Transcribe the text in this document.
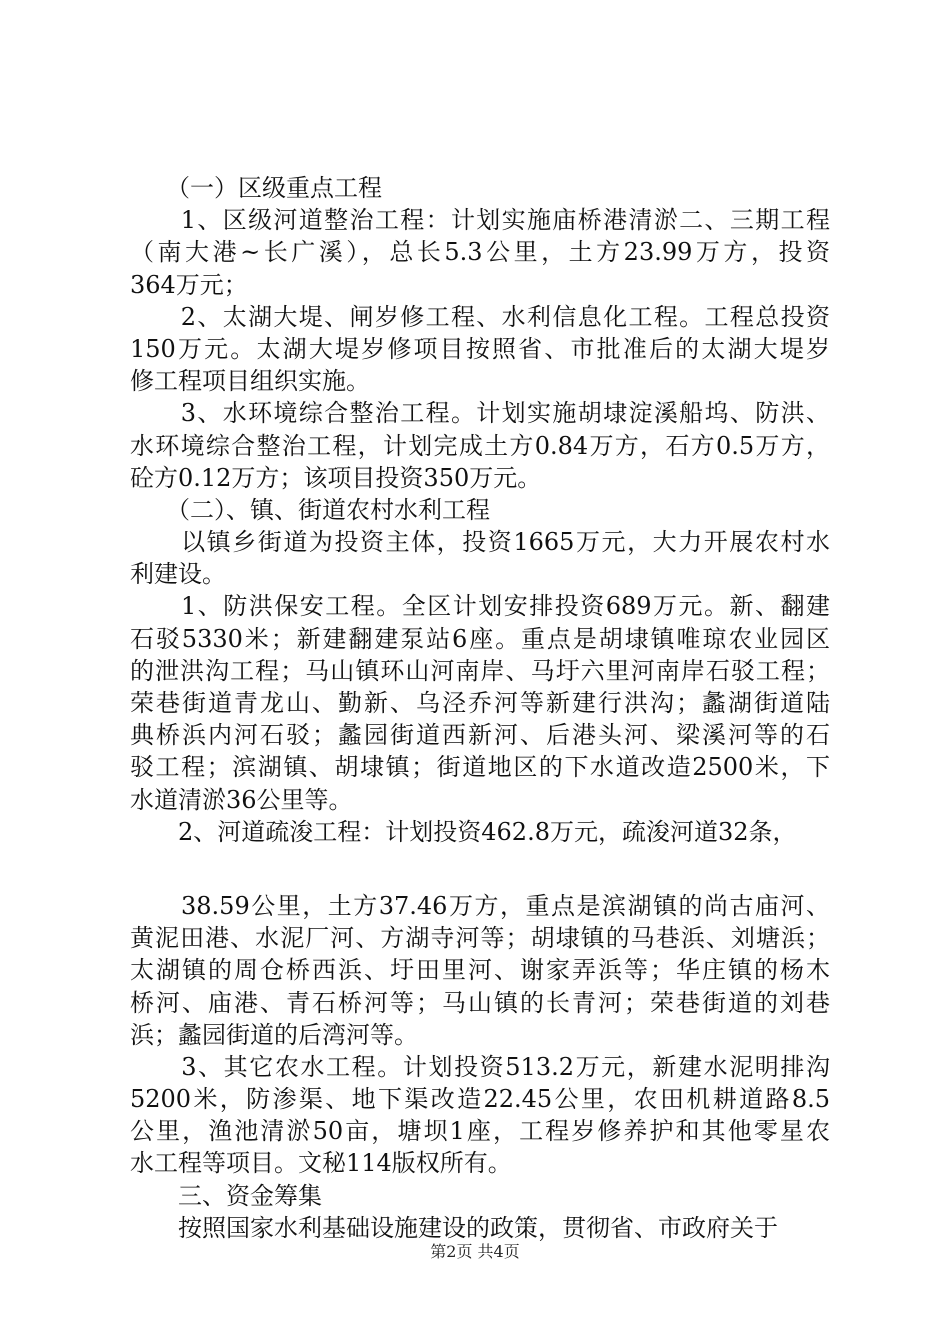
　　（一）区级重点工程
　　1、区级河道整治工程：计划实施庙桥港清淤二、三期工程
（南大港~长广溪），总长5.3公里，土方23.99万方，投资
364万元；
　　2、太湖大堤、闸岁修工程、水利信息化工程。工程总投资
150万元。太湖大堤岁修项目按照省、市批准后的太湖大堤岁
修工程项目组织实施。
　　3、水环境综合整治工程。计划实施胡埭淀溪船坞、防洪、
水环境综合整治工程，计划完成土方0.84万方，石方0.5万方，
砼方0.12万方；该项目投资350万元。
　　（二）、镇、街道农村水利工程
　　以镇乡街道为投资主体，投资1665万元，大力开展农村水
利建设。
　　1、防洪保安工程。全区计划安排投资689万元。新、翻建
石驳5330米；新建翻建泵站6座。重点是胡埭镇唯琼农业园区
的泄洪沟工程；马山镇环山河南岸、马圩六里河南岸石驳工程；
荣巷街道青龙山、勤新、乌泾乔河等新建行洪沟；蠡湖街道陆
典桥浜内河石驳；蠡园街道西新河、后港头河、梁溪河等的石
驳工程；滨湖镇、胡埭镇；街道地区的下水道改造2500米，下
水道清淤36公里等。
　　2、河道疏浚工程：计划投资462.8万元，疏浚河道32条，
　　38.59公里，土方37.46万方，重点是滨湖镇的尚古庙河、
黄泥田港、水泥厂河、方湖寺河等；胡埭镇的马巷浜、刘塘浜；
太湖镇的周仓桥西浜、圩田里河、谢家弄浜等；华庄镇的杨木
桥河、庙港、青石桥河等；马山镇的长青河；荣巷街道的刘巷
浜；蠡园街道的后湾河等。
　　3、其它农水工程。计划投资513.2万元，新建水泥明排沟
5200米，防渗渠、地下渠改造22.45公里，农田机耕道路8.5
公里，渔池清淤50亩，塘坝1座，工程岁修养护和其他零星农
水工程等项目。文秘114版权所有。
　　三、资金筹集
　　按照国家水利基础设施建设的政策，贯彻省、市政府关于
第2页 共4页
